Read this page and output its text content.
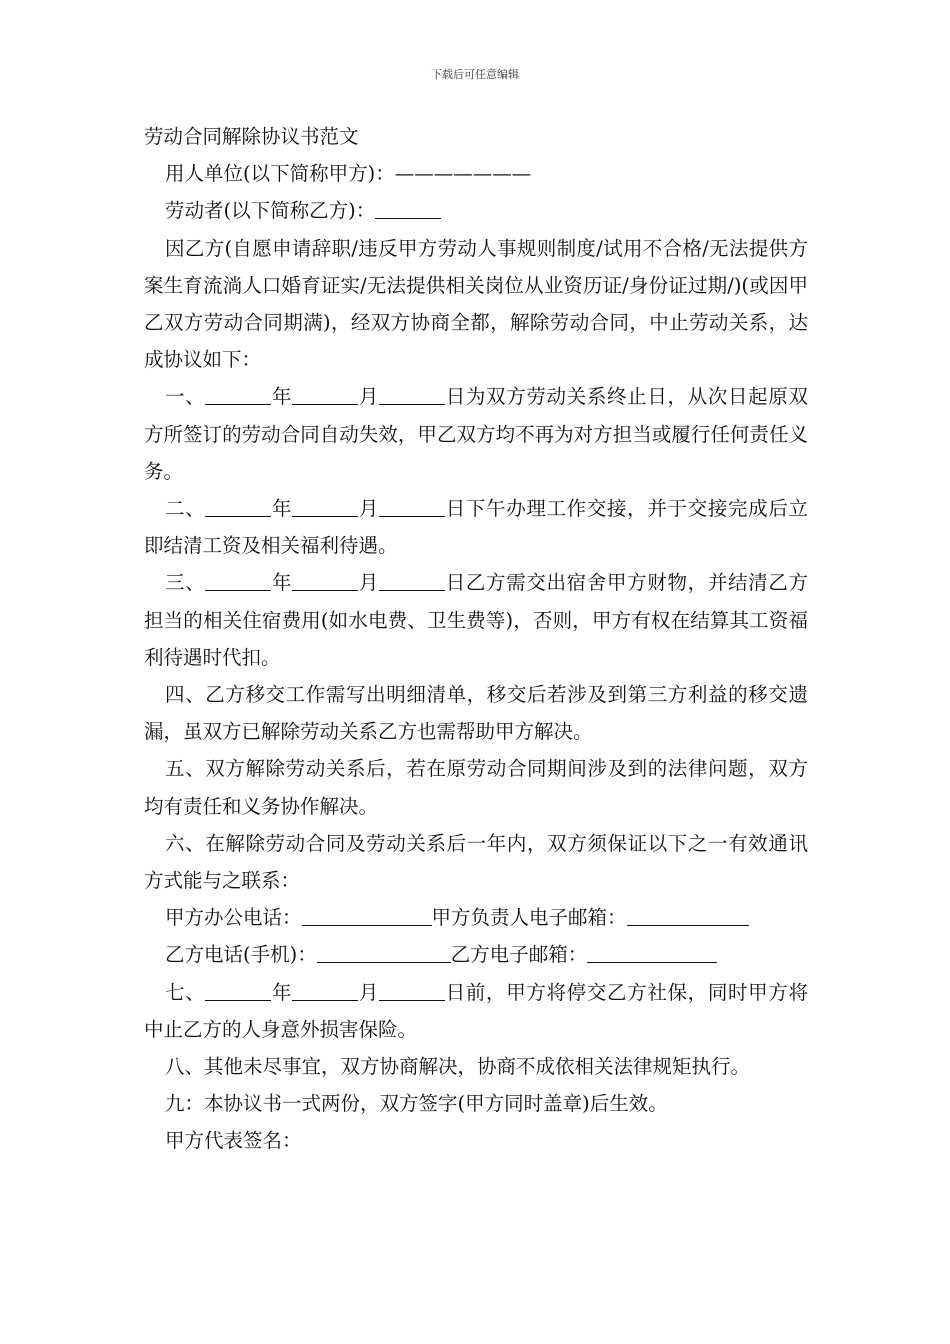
下载后可任意编辑

劳动合同解除协议书范文

用人单位(以下简称甲方)：———————

劳动者(以下简称乙方)：

因乙方(自愿申请辞职/违反甲方劳动人事规则制度/试用不合格/无法提供方案生育流淌人口婚育证实/无法提供相关岗位从业资历证/身份证过期/)(或因甲乙双方劳动合同期满)，经双方协商全都，解除劳动合同，中止劳动关系，达成协议如下：

一、	年	月	日为双方劳动关系终止日，从次日起原双方所签订的劳动合同自动失效，甲乙双方均不再为对方担当或履行任何责任义务。

二、	年	月	日下午办理工作交接，并于交接完成后立即结清工资及相关福利待遇。

三、	年	月	日乙方需交出宿舍甲方财物，并结清乙方担当的相关住宿费用(如水电费、卫生费等)，否则，甲方有权在结算其工资福利待遇时代扣。

四、乙方移交工作需写出明细清单，移交后若涉及到第三方利益的移交遗漏，虽双方已解除劳动关系乙方也需帮助甲方解决。

五、双方解除劳动关系后，若在原劳动合同期间涉及到的法律问题，双方均有责任和义务协作解决。

六、在解除劳动合同及劳动关系后一年内，双方须保证以下之一有效通讯方式能与之联系：

甲方办公电话：	甲方负责人电子邮箱：

乙方电话(手机)：	乙方电子邮箱：

七、	年	月	日前，甲方将停交乙方社保，同时甲方将中止乙方的人身意外损害保险。

八、其他未尽事宜，双方协商解决，协商不成依相关法律规矩执行。

九：本协议书一式两份，双方签字(甲方同时盖章)后生效。

甲方代表签名：
